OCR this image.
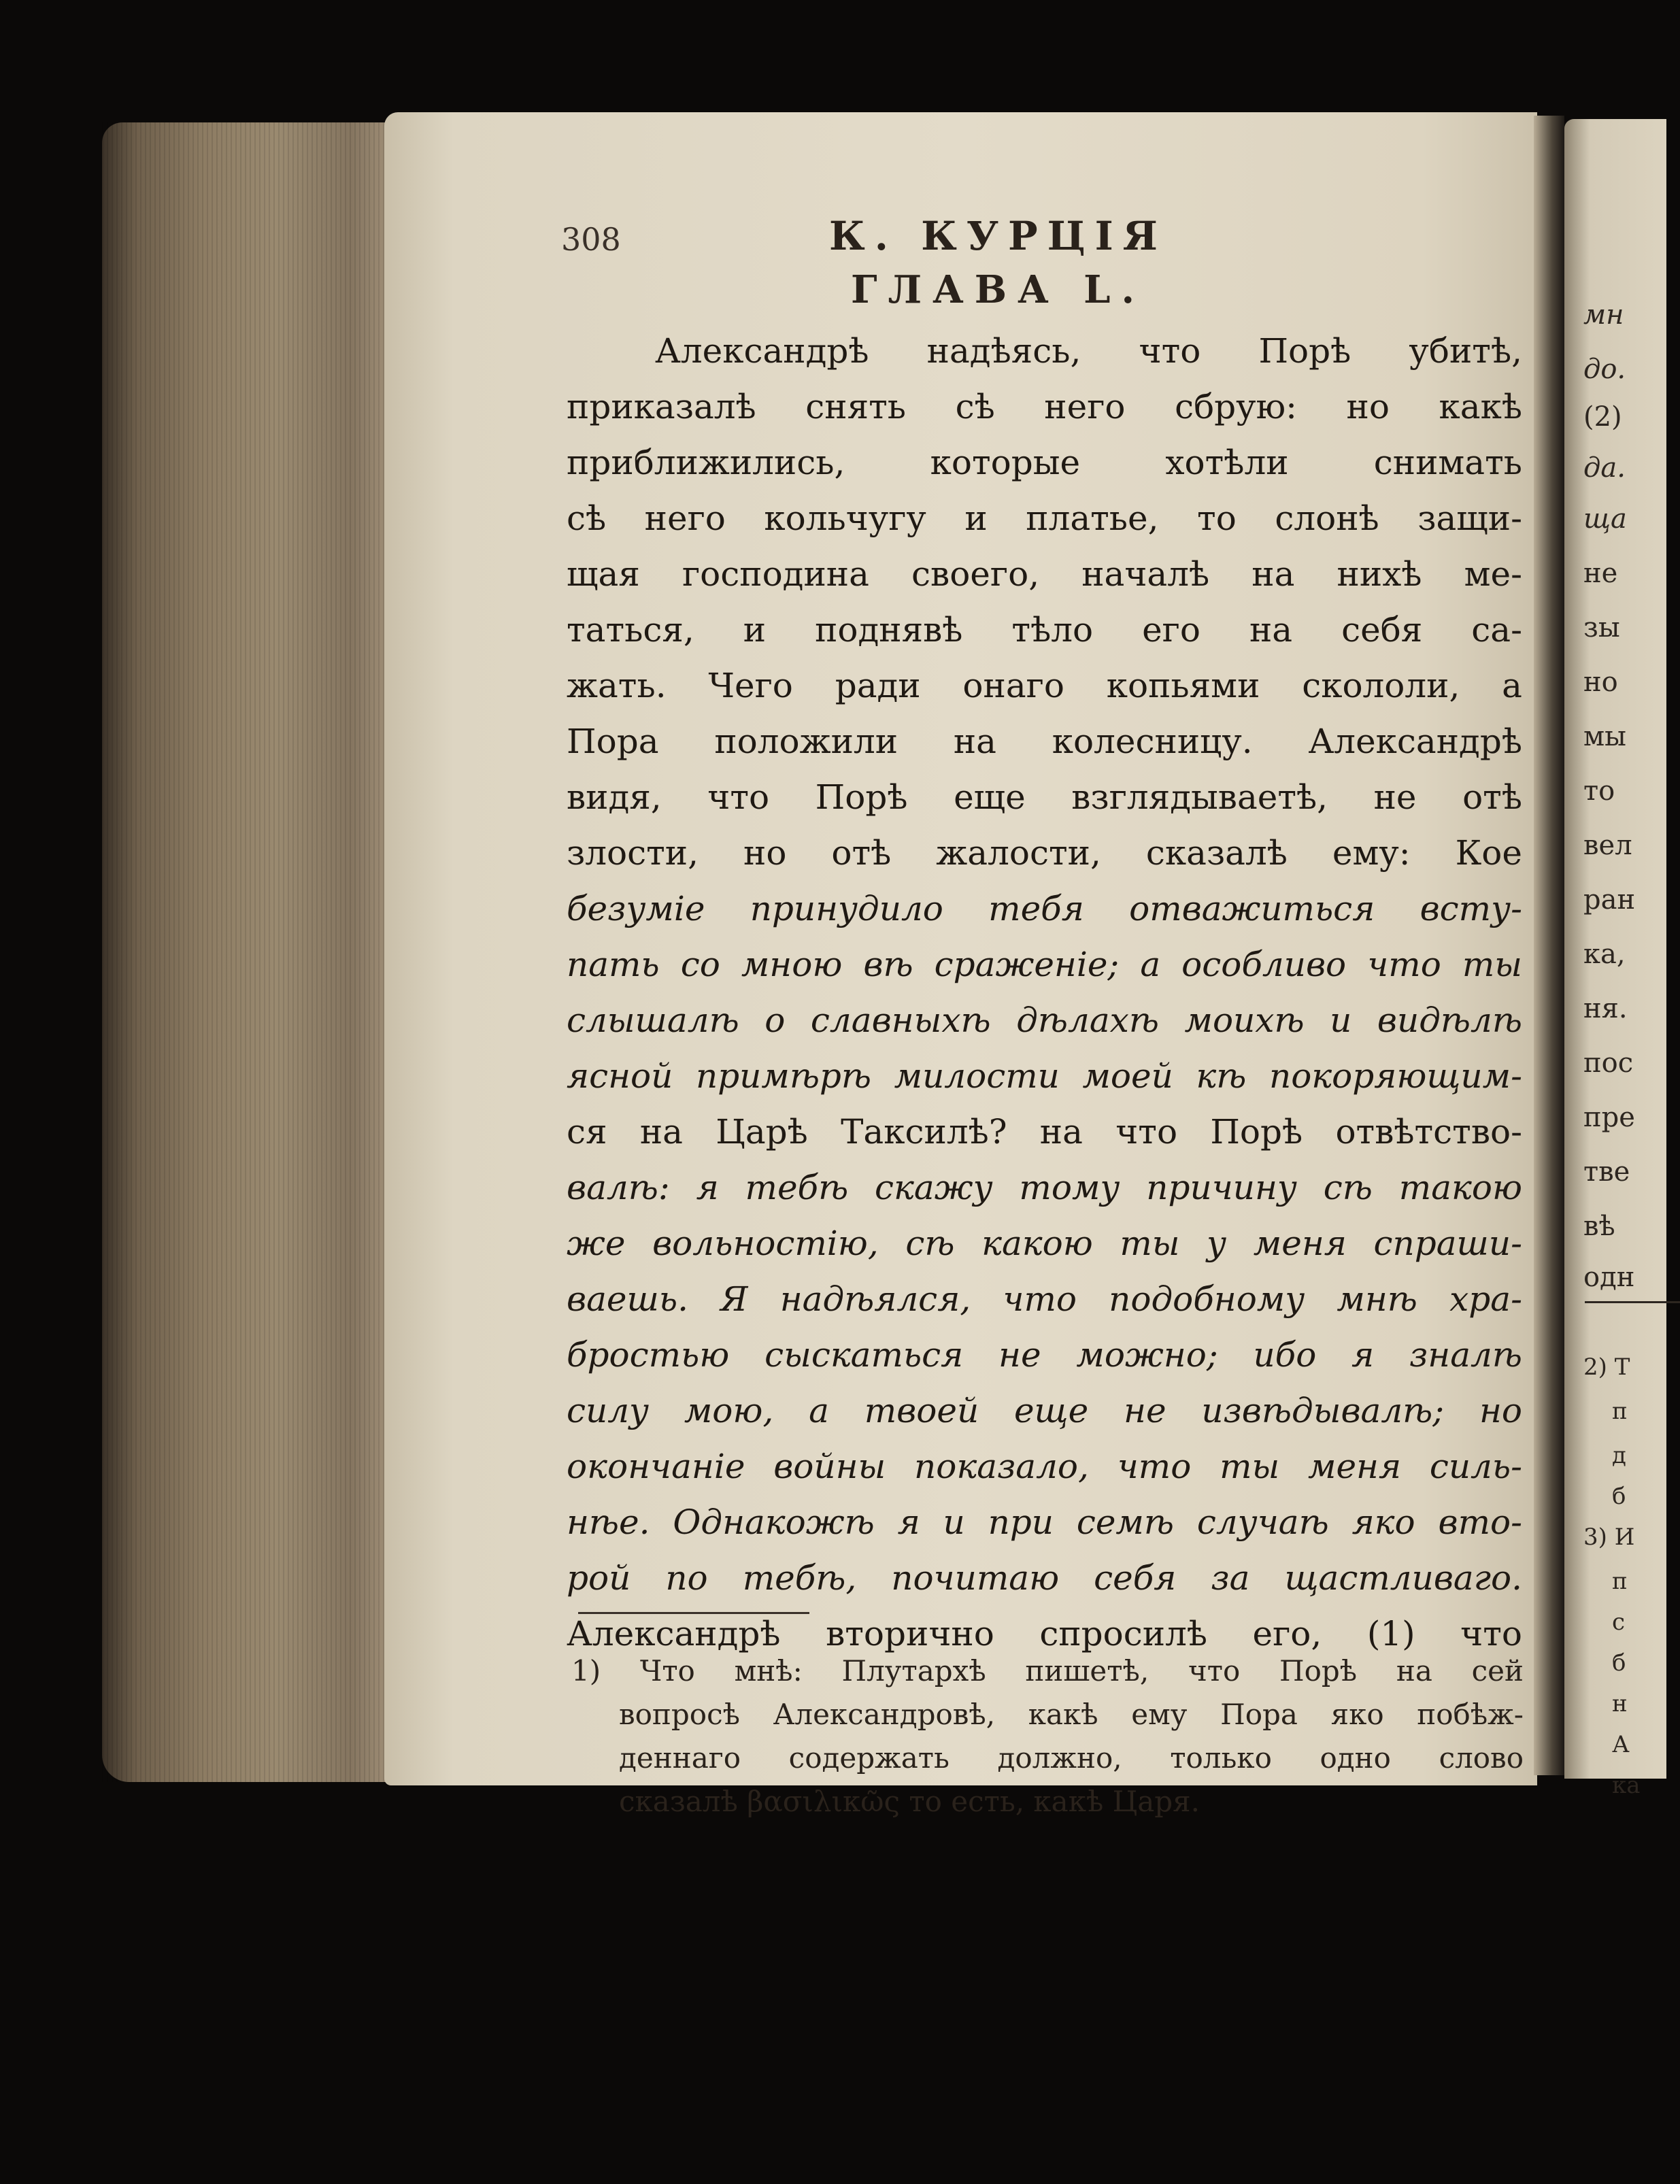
308	К. КУРЦІЯ
ГЛАВА L.
Александрѣ надѣясь, что Порѣ убитѣ,
приказалѣ снять сѣ него сбрую: но какѣ
приближились, которые хотѣли снимать
сѣ него кольчугу и платье, то слонѣ защи-
щая господина своего, началѣ на нихѣ ме-
таться, и поднявѣ тѣло его на себя са-
жать. Чего ради онаго копьями скололи, а
Пора положили на колесницу. Александрѣ
видя, что Порѣ еще взглядываетѣ, не отѣ
злости, но отѣ жалости, сказалѣ ему: Кое
безуміе принудило тебя отважиться всту-
пать со мною вѣ сраженіе; а особливо что ты
слышалѣ о славныхѣ дѣлахѣ моихѣ и видѣлѣ
ясной примѣрѣ милости моей кѣ покоряющим-
ся на Царѣ Таксилѣ? на что Порѣ отвѣтство-
валѣ: я тебѣ скажу тому причину сѣ такою
же вольностію, сѣ какою ты у меня спраши-
ваешь. Я надѣялся, что подобному мнѣ хра-
бростью сыскаться не можно; ибо я зналѣ
силу мою, а твоей еще не извѣдывалѣ; но
окончаніе войны показало, что ты меня силь-
нѣе. Однакожѣ я и при семѣ случаѣ яко вто-
рой по тебѣ, почитаю себя за щастливаго.
Александрѣ вторично спросилѣ его, (1) что
1) Что мнѣ: Плутархѣ пишетѣ, что Порѣ на сей
вопросѣ Александровѣ, какѣ ему Пора яко побѣж-
деннаго содержать должно, только одно слово
сказалѣ βασιλικῶς то есть, какѣ Царя.
мн
до.
(2)
да.
ща
не
зы
но
мы
то
вел
ран
ка,
ня.
пос
пре
тве
вѣ
одн
2) Т
п
д
б
3) И
п
с
б
н
А
ка
